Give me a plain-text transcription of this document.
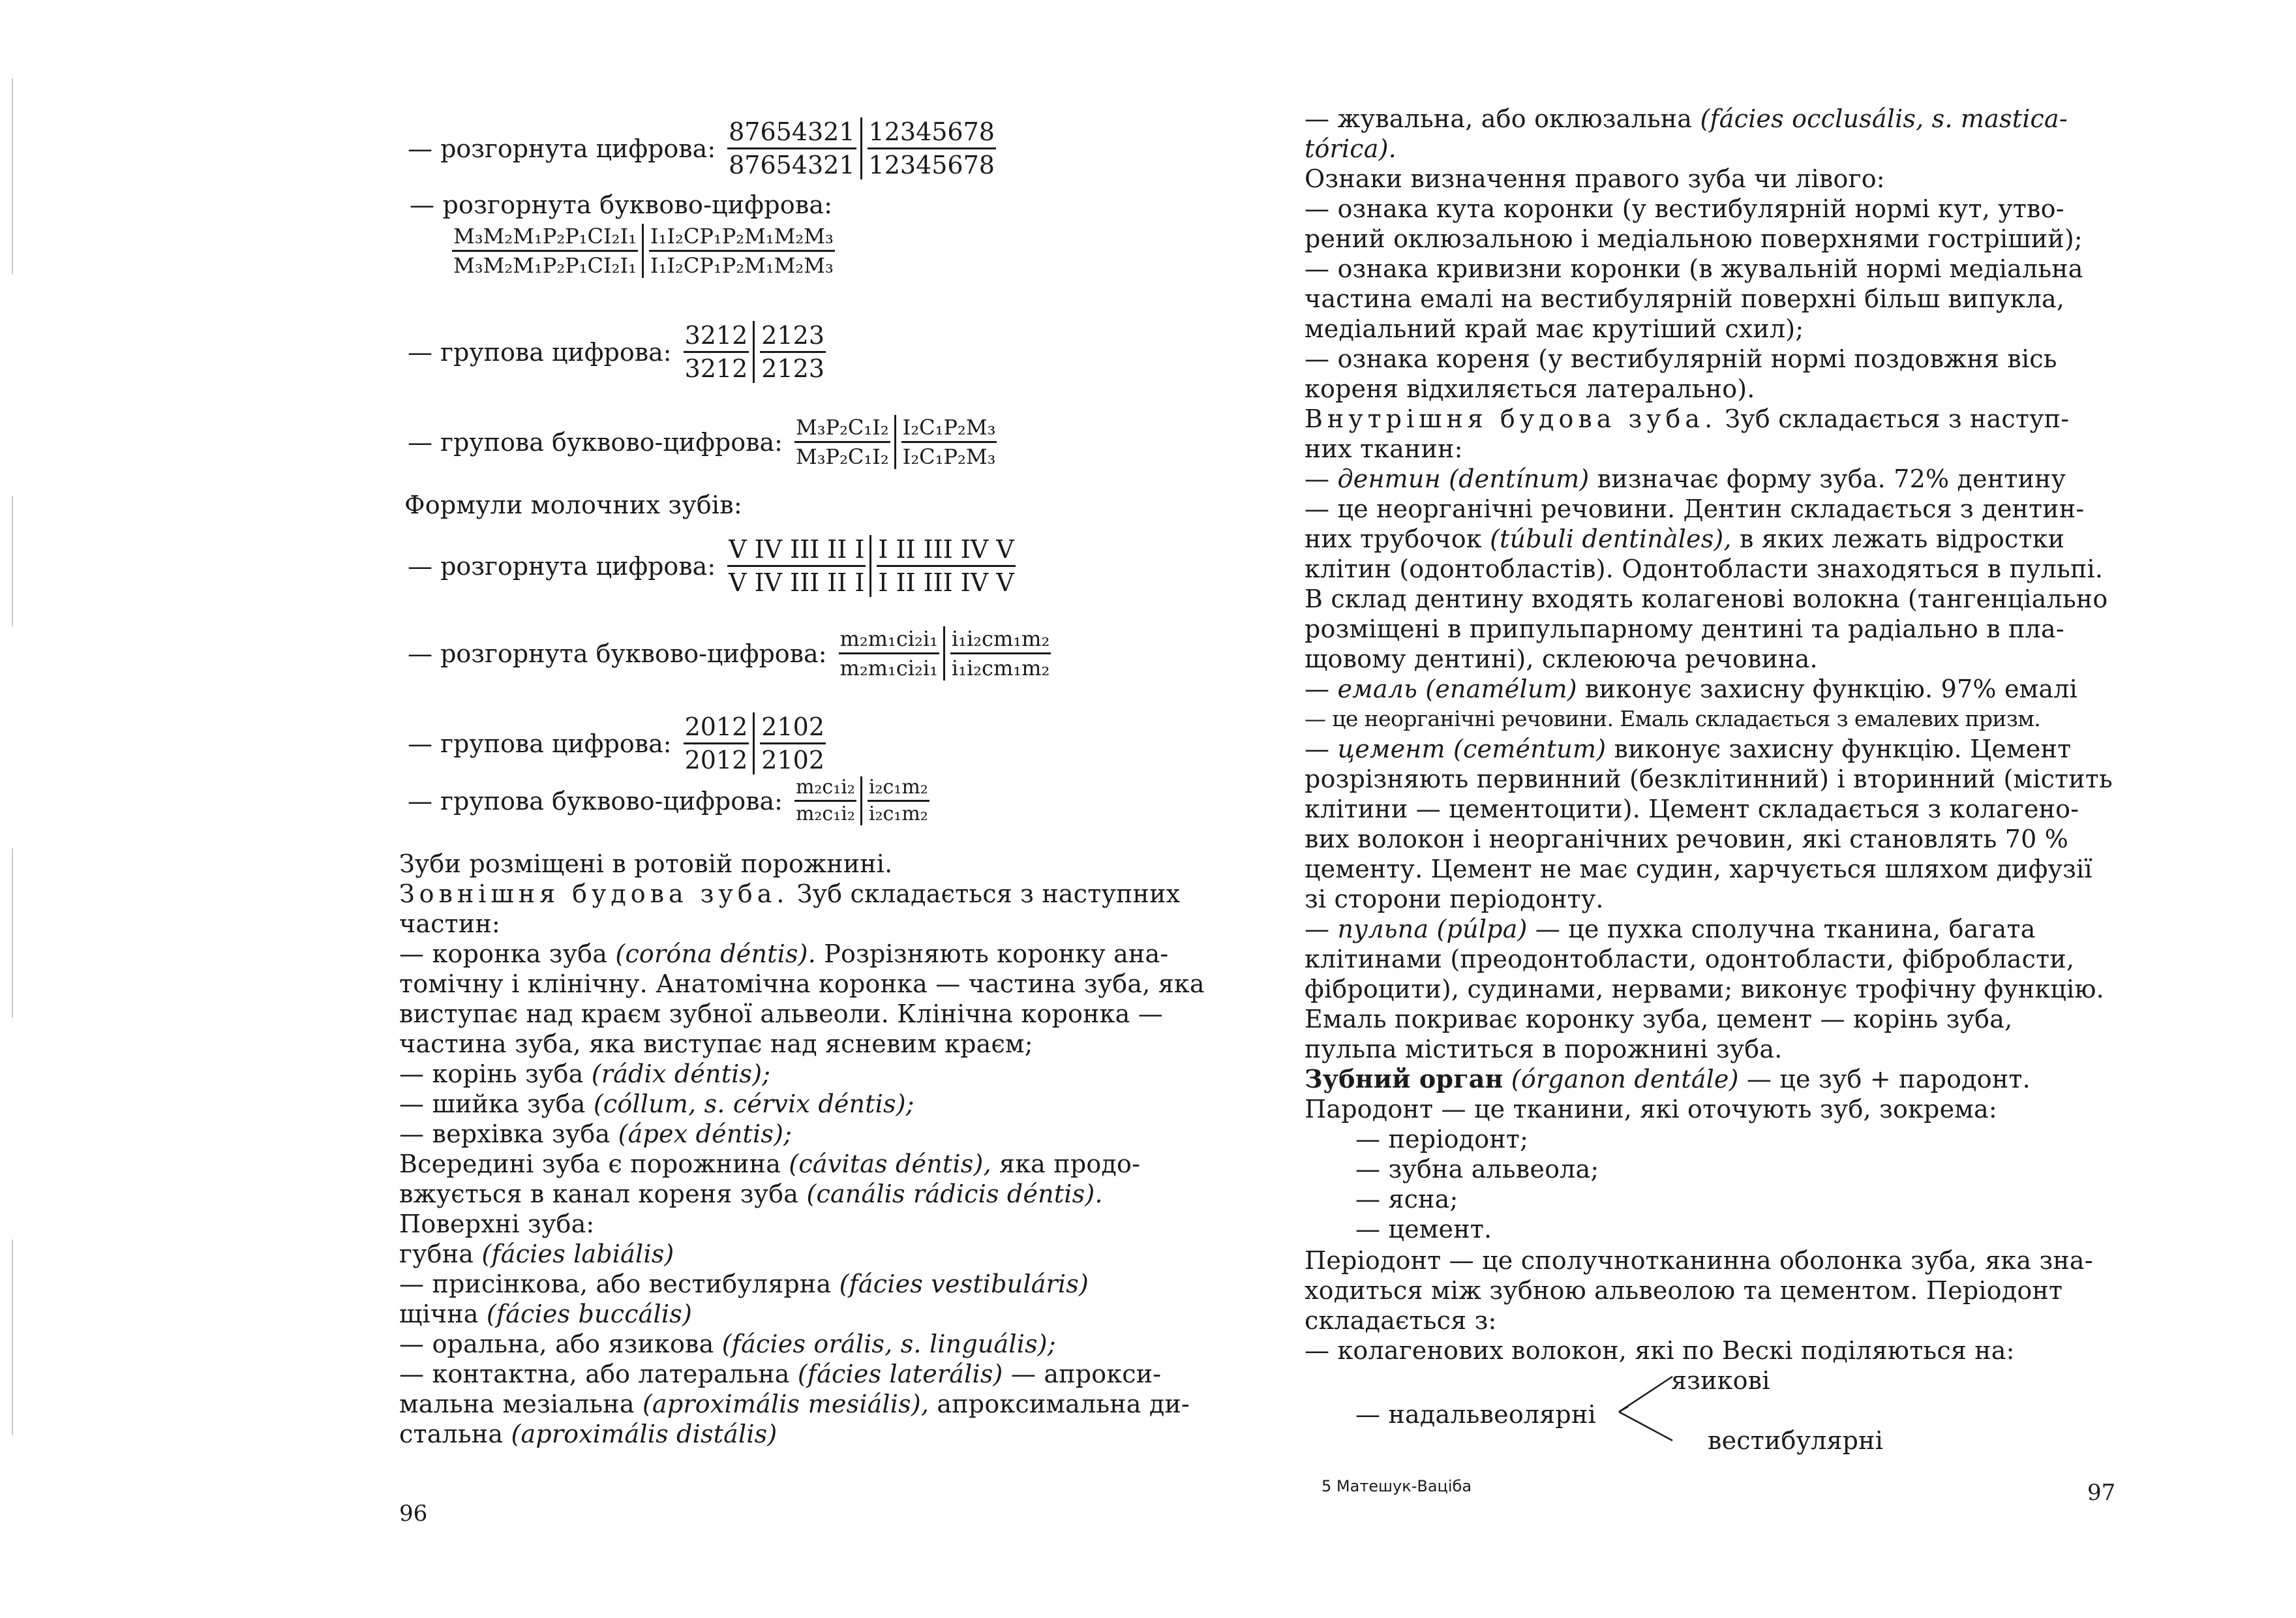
— розгорнута цифрова: $\frac{87654321}{87654321} \frac{12345678}{12345678}$
— розгорнута буквово-цифрова:
$\frac{\text{M₃M₂M₁P₂P₁CI₂I₁}}{\text{M₃M₂M₁P₂P₁CI₂I₁}} \frac{\text{I₁I₂CP₁P₂M₁M₂M₃}}{\text{I₁I₂CP₁P₂M₁M₂M₃}}$
— групова цифрова: $\frac{3212}{3212} \frac{2123}{2123}$
— групова буквово-цифрова: $\frac{\text{M₃P₂C₁I₂}}{\text{M₃P₂C₁I₂}} \frac{\text{I₂C₁P₂M₃}}{\text{I₂C₁P₂M₃}}$
Формули молочних зубів:
— розгорнута цифрова: $\frac{\text{V IV III II I}}{\text{V IV III II I}} \frac{\text{I II III IV V}}{\text{I II III IV V}}$
— розгорнута буквово-цифрова: $\frac{\text{m₂m₁ci₂i₁}}{\text{m₂m₁ci₂i₁}} \frac{\text{i₁i₂cm₁m₂}}{\text{i₁i₂cm₁m₂}}$
— групова цифрова: $\frac{2012}{2012} \frac{2102}{2102}$
— групова буквово-цифрова: $\frac{\text{m₂c₁i₂}}{\text{m₂c₁i₂}} \frac{\text{i₂c₁m₂}}{\text{i₂c₁m₂}}$
Зуби розміщені в ротовій порожнині.
Зовнішня будова зуба. Зуб складається з наступних
частин:
— коронка зуба (coróna déntis). Розрізняють коронку ана-
томічну і клінічну. Анатомічна коронка — частина зуба, яка
виступає над краєм зубної альвеоли. Клінічна коронка —
частина зуба, яка виступає над ясневим краєм;
— корінь зуба (rádix déntis);
— шийка зуба (cóllum, s. cérvix déntis);
— верхівка зуба (ápex déntis);
Всередині зуба є порожнина (cávitas déntis), яка продо-
вжується в канал кореня зуба (canális rádicis déntis).
Поверхні зуба:
губна (fácies labiális)
— присінкова, або вестибулярна (fácies vestibuláris)
щічна (fácies buccális)
— оральна, або язикова (fácies orális, s. linguális);
— контактна, або латеральна (fácies laterális) — апрокси-
мальна мезіальна (aproximális mesiális), апроксимальна ди-
стальна (aproximális distális)
96
— жувальна, або оклюзальна (fácies occlusális, s. mastica-
tórica).
Ознаки визначення правого зуба чи лівого:
— ознака кута коронки (у вестибулярній нормі кут, утво-
рений оклюзальною і медіальною поверхнями гостріший);
— ознака кривизни коронки (в жувальній нормі медіальна
частина емалі на вестибулярній поверхні більш випукла,
медіальний край має крутіший схил);
— ознака кореня (у вестибулярній нормі поздовжня вісь
кореня відхиляється латерально).
Внутрішня будова зуба. Зуб складається з наступ-
них тканин:
— дентин (dentínum) визначає форму зуба. 72% дентину
— це неорганічні речовини. Дентин складається з дентин-
них трубочок (túbuli dentinàles), в яких лежать відростки
клітин (одонтобластів). Одонтобласти знаходяться в пульпі.
В склад дентину входять колагенові волокна (тангенціально
розміщені в припульпарному дентині та радіально в пла-
щовому дентині), склеюючa речовина.
— емаль (enamélum) виконує захисну функцію. 97% емалі
— це неорганічні речовини. Емаль складається з емалевих призм.
— цемент (ceméntum) виконує захисну функцію. Цемент
розрізняють первинний (безклітинний) і вторинний (містить
клітини — цементоцити). Цемент складається з колагено-
вих волокон і неорганічних речовин, які становлять 70 %
цементу. Цемент не має судин, харчується шляхом дифузії
зі сторони періодонту.
— пульпа (púlpa) — це пухка сполучна тканина, багата
клітинами (преодонтобласти, одонтобласти, фібробласти,
фіброцити), судинами, нервами; виконує трофічну функцію.
Емаль покриває коронку зуба, цемент — корінь зуба,
пульпа міститься в порожнині зуба.
Зубний орган (órganon dentále) — це зуб + пародонт.
Пародонт — це тканини, які оточують зуб, зокрема:
— періодонт;
— зубна альвеола;
— ясна;
— цемент.
Періодонт — це сполучнотканинна оболонка зуба, яка зна-
ходиться між зубною альвеолою та цементом. Періодонт
складається з:
— колагенових волокон, які по Вескі поділяються на:
— надальвеолярні
язикові
вестибулярні
5 Матешук-Ваціба	97
